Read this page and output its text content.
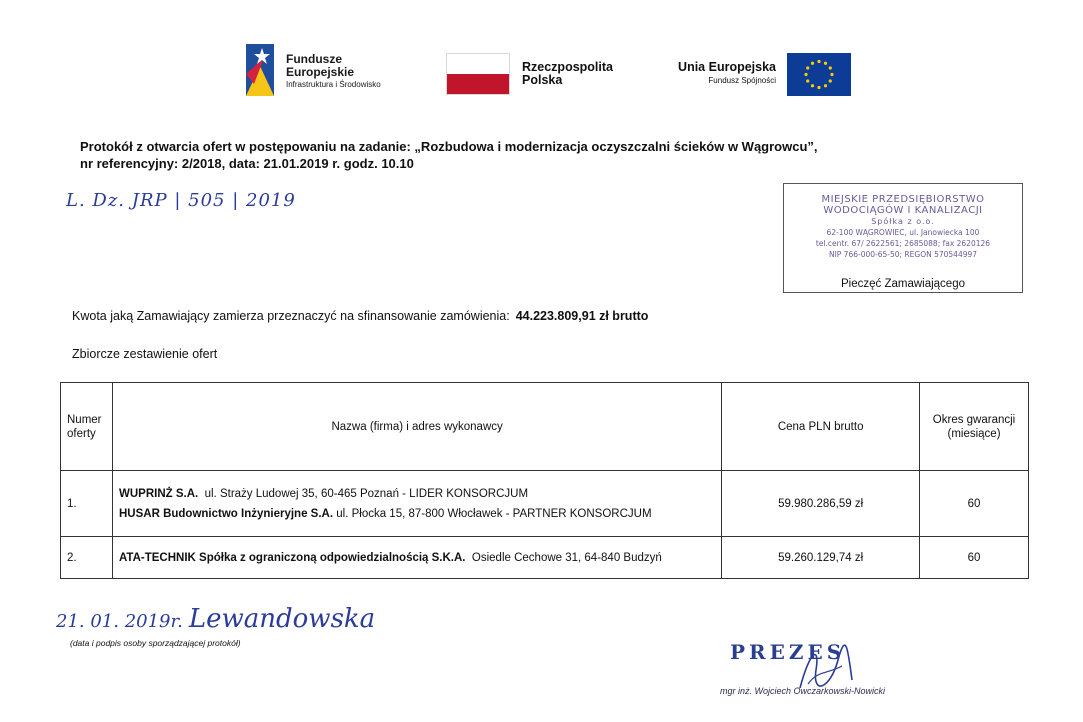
Fundusze
Europejskie
Infrastruktura i Środowisko
Rzeczpospolita
Polska
Unia Europejska
Fundusz Spójności
Protokół z otwarcia ofert w postępowaniu na zadanie: „Rozbudowa i modernizacja oczyszczalni ścieków w Wągrowcu”,
nr referencyjny: 2/2018, data: 21.01.2019 r. godz. 10.10
L. Dz. JRP | 505 | 2019	MIEJSKIE PRZEDSIĘBIORSTWO
WODOCIĄGÓW I KANALIZACJI
Spółka z o.o.
62-100 WĄGROWIEC, ul. Janowiecka 100
tel.centr. 67/ 2622561; 2685088; fax 2620126
NIP 766-000-65-50; REGON 570544997
Pieczęć Zamawiającego
Kwota jaką Zamawiający zamierza przeznaczyć na sfinansowanie zamówienia: 44.223.809,91 zł brutto
Zbiorcze zestawienie ofert
Numer oferty	Nazwa (firma) i adres wykonawcy	Cena PLN brutto	Okres gwarancji (miesiące)
1.	WUPRINŻ S.A. ul. Straży Ludowej 35, 60-465 Poznań - LIDER KONSORCJUM
HUSAR Budownictwo Inżynieryjne S.A. ul. Płocka 15, 87-800 Włocławek - PARTNER KONSORCJUM	59.980.286,59 zł	60
2.	ATA-TECHNIK Spółka z ograniczoną odpowiedzialnością S.K.A. Osiedle Cechowe 31, 64-840 Budzyń	59.260.129,74 zł	60
21. 01. 2019r. Lewandowska
(data i podpis osoby sporządzającej protokół)	PREZES
mgr inż. Wojciech Owczarkowski-Nowicki
